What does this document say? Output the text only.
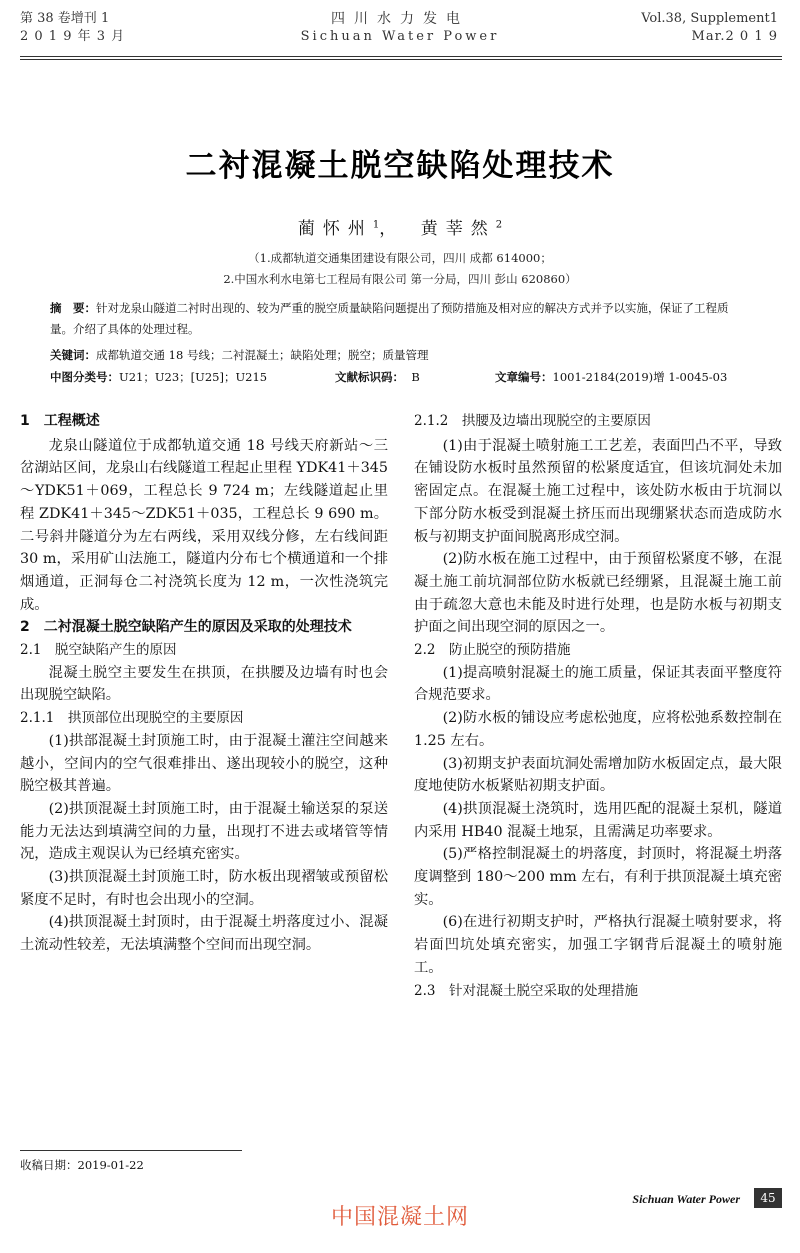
第 38 卷增刊 1
2 0 1 9 年 3 月
四川水力发电
Sichuan Water Power
Vol.38, Supplement1
Mar.2 0 1 9
二衬混凝土脱空缺陷处理技术
蔺怀州$^1$，　黄莘然$^2$
（1.成都轨道交通集团建设有限公司，四川 成都 614000；
2.中国水利水电第七工程局有限公司 第一分局，四川 彭山 620860）
摘　要：针对龙泉山隧道二衬时出现的、较为严重的脱空质量缺陷问题提出了预防措施及相对应的解决方式并予以实施，保证了工程质量。介绍了具体的处理过程。
关键词：成都轨道交通 18 号线；二衬混凝土；缺陷处理；脱空；质量管理
中图分类号：U21；U23；[U25]；U215	文献标识码： B	文章编号：1001-2184(2019)增 1-0045-03

1　工程概述

龙泉山隧道位于成都轨道交通 18 号线天府新站～三岔湖站区间，龙泉山右线隧道工程起止里程 YDK41＋345～YDK51＋069，工程总长 9 724 m；左线隧道起止里程 ZDK41＋345～ZDK51＋035，工程总长 9 690 m。二号斜井隧道分为左右两线，采用双线分修，左右线间距 30 m，采用矿山法施工，隧道内分布七个横通道和一个排烟通道，正洞每仓二衬浇筑长度为 12 m，一次性浇筑完成。

2　二衬混凝土脱空缺陷产生的原因及采取的处理技术

2.1　脱空缺陷产生的原因

混凝土脱空主要发生在拱顶，在拱腰及边墙有时也会出现脱空缺陷。

2.1.1　拱顶部位出现脱空的主要原因

(1)拱部混凝土封顶施工时，由于混凝土灌注空间越来越小，空间内的空气很难排出、遂出现较小的脱空，这种脱空极其普遍。

(2)拱顶混凝土封顶施工时，由于混凝土输送泵的泵送能力无法达到填满空间的力量，出现打不进去或堵管等情况，造成主观误认为已经填充密实。

(3)拱顶混凝土封顶施工时，防水板出现褶皱或预留松紧度不足时，有时也会出现小的空洞。

(4)拱顶混凝土封顶时，由于混凝土坍落度过小、混凝土流动性较差，无法填满整个空间而出现空洞。

2.1.2　拱腰及边墙出现脱空的主要原因

(1)由于混凝土喷射施工工艺差，表面凹凸不平，导致在铺设防水板时虽然预留的松紧度适宜，但该坑洞处未加密固定点。在混凝土施工过程中，该处防水板由于坑洞以下部分防水板受到混凝土挤压而出现绷紧状态而造成防水板与初期支护面间脱离形成空洞。

(2)防水板在施工过程中，由于预留松紧度不够，在混凝土施工前坑洞部位防水板就已经绷紧，且混凝土施工前由于疏忽大意也未能及时进行处理，也是防水板与初期支护面之间出现空洞的原因之一。

2.2　防止脱空的预防措施

(1)提高喷射混凝土的施工质量，保证其表面平整度符合规范要求。

(2)防水板的铺设应考虑松弛度，应将松弛系数控制在 1.25 左右。

(3)初期支护表面坑洞处需增加防水板固定点，最大限度地使防水板紧贴初期支护面。

(4)拱顶混凝土浇筑时，选用匹配的混凝土泵机，隧道内采用 HB40 混凝土地泵，且需满足功率要求。

(5)严格控制混凝土的坍落度，封顶时，将混凝土坍落度调整到 180～200 mm 左右，有利于拱顶混凝土填充密实。

(6)在进行初期支护时，严格执行混凝土喷射要求，将岩面凹坑处填充密实，加强工字钢背后混凝土的喷射施工。

2.3　针对混凝土脱空采取的处理措施

收稿日期：2019-01-22
Sichuan Water Power	45
中国混凝土网
